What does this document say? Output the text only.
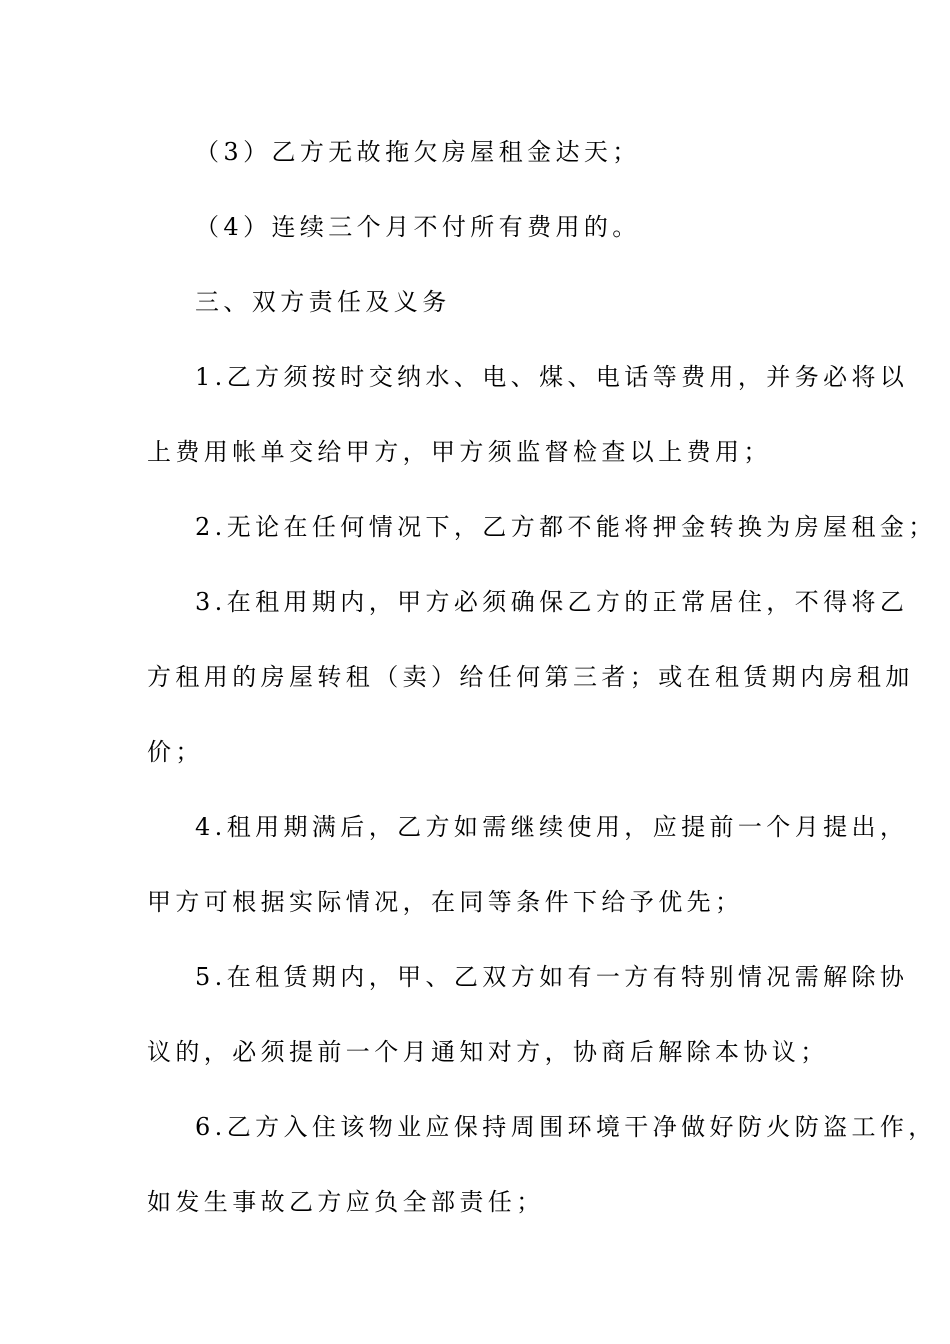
（3）乙方无故拖欠房屋租金达天；
（4）连续三个月不付所有费用的。
三、双方责任及义务
1.乙方须按时交纳水、电、煤、电话等费用，并务必将以
上费用帐单交给甲方，甲方须监督检查以上费用；
2.无论在任何情况下，乙方都不能将押金转换为房屋租金；
3.在租用期内，甲方必须确保乙方的正常居住，不得将乙
方租用的房屋转租（卖）给任何第三者；或在租赁期内房租加
价；
4.租用期满后，乙方如需继续使用，应提前一个月提出，
甲方可根据实际情况，在同等条件下给予优先；
5.在租赁期内，甲、乙双方如有一方有特别情况需解除协
议的，必须提前一个月通知对方，协商后解除本协议；
6.乙方入住该物业应保持周围环境干净做好防火防盗工作，
如发生事故乙方应负全部责任；
